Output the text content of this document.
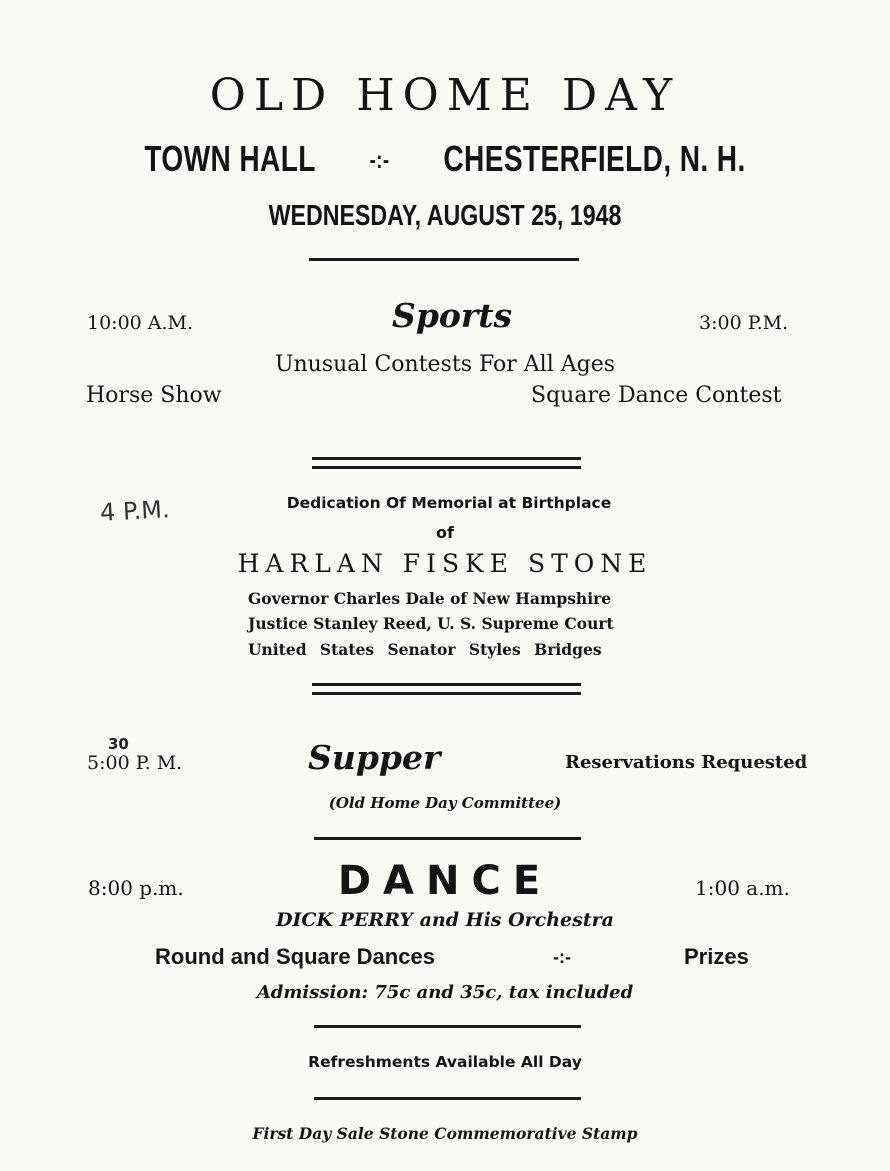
OLD HOME DAY
TOWN HALL -:- CHESTERFIELD, N. H.
WEDNESDAY, AUGUST 25, 1948
10:00 A.M.	Sports	3:00 P.M.
Unusual Contests For All Ages
Horse Show	Square Dance Contest
4 P.M.	Dedication Of Memorial at Birthplace
of
HARLAN FISKE STONE
Governor Charles Dale of New Hampshire
Justice Stanley Reed, U. S. Supreme Court
United States Senator Styles Bridges
30
5:00 P. M.	Supper	Reservations Requested
(Old Home Day Committee)
8:00 p.m.	DANCE	1:00 a.m.
DICK PERRY and His Orchestra
Round and Square Dances	-:-	Prizes
Admission: 75c and 35c, tax included
Refreshments Available All Day
First Day Sale Stone Commemorative Stamp
